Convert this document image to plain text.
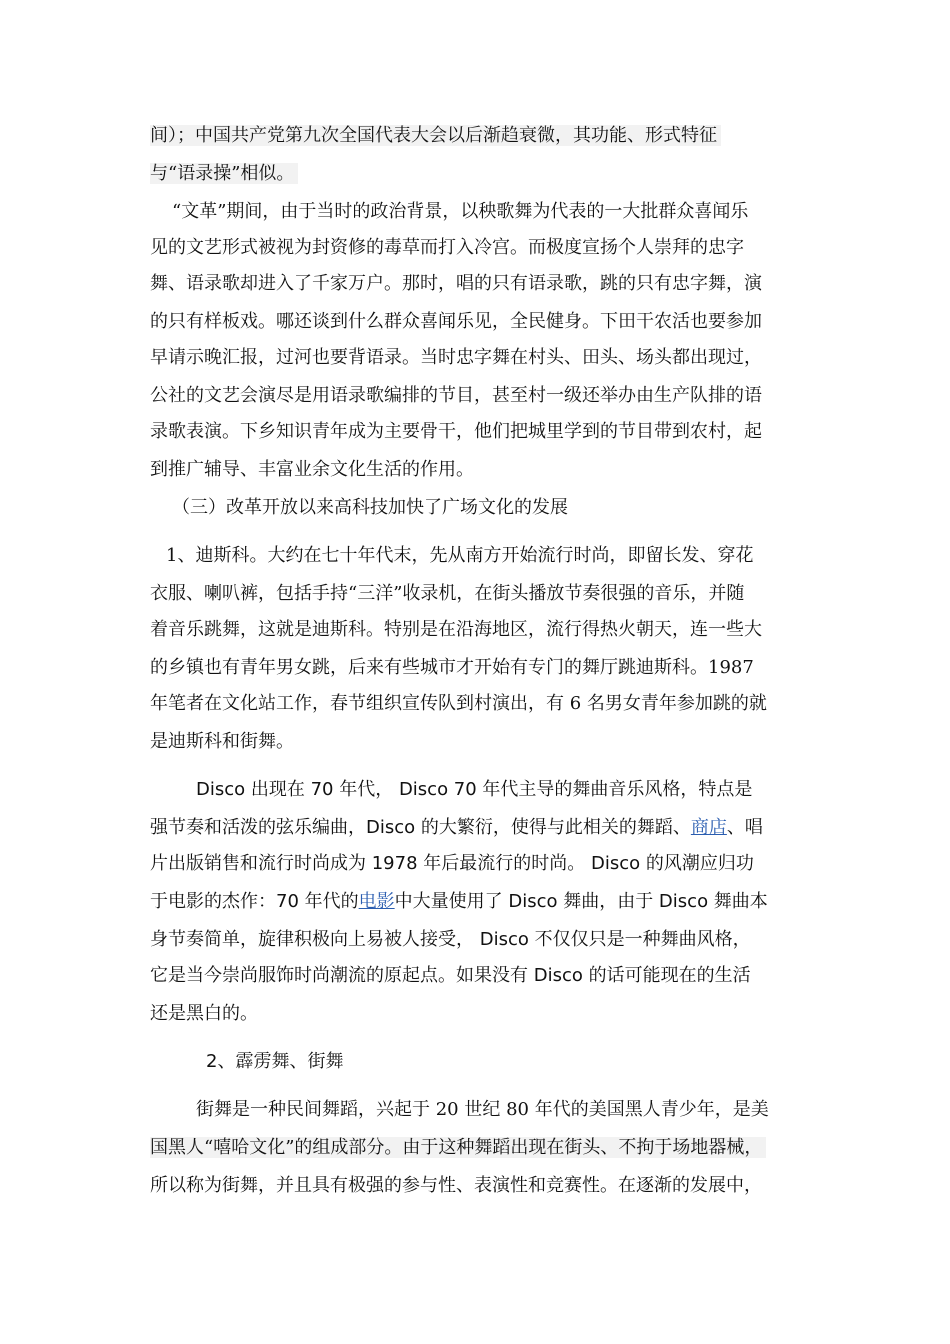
间）；中国共产党第九次全国代表大会以后渐趋衰微，其功能、形式特征
与“语录操”相似。
“文革”期间，由于当时的政治背景，以秧歌舞为代表的一大批群众喜闻乐
见的文艺形式被视为封资修的毒草而打入冷宫。而极度宣扬个人崇拜的忠字
舞、语录歌却进入了千家万户。那时，唱的只有语录歌，跳的只有忠字舞，演
的只有样板戏。哪还谈到什么群众喜闻乐见，全民健身。下田干农活也要参加
早请示晚汇报，过河也要背语录。当时忠字舞在村头、田头、场头都出现过，
公社的文艺会演尽是用语录歌编排的节目，甚至村一级还举办由生产队排的语
录歌表演。下乡知识青年成为主要骨干，他们把城里学到的节目带到农村，起
到推广辅导、丰富业余文化生活的作用。
（三）改革开放以来高科技加快了广场文化的发展
1、迪斯科。大约在七十年代末，先从南方开始流行时尚，即留长发、穿花
衣服、喇叭裤，包括手持“三洋”收录机，在街头播放节奏很强的音乐，并随
着音乐跳舞，这就是迪斯科。特别是在沿海地区，流行得热火朝天，连一些大
的乡镇也有青年男女跳，后来有些城市才开始有专门的舞厅跳迪斯科。1987
年笔者在文化站工作，春节组织宣传队到村演出，有 6 名男女青年参加跳的就
是迪斯科和街舞。
Disco 出现在 70 年代， Disco 70 年代主导的舞曲音乐风格，特点是
强节奏和活泼的弦乐编曲，Disco 的大繁衍，使得与此相关的舞蹈、商店、唱
片出版销售和流行时尚成为 1978 年后最流行的时尚。 Disco 的风潮应归功
于电影的杰作：70 年代的电影中大量使用了 Disco 舞曲，由于 Disco 舞曲本
身节奏简单，旋律积极向上易被人接受， Disco 不仅仅只是一种舞曲风格，
它是当今崇尚服饰时尚潮流的原起点。如果没有 Disco 的话可能现在的生活
还是黑白的。
2、霹雳舞、街舞
街舞是一种民间舞蹈，兴起于 20 世纪 80 年代的美国黑人青少年，是美
国黑人“嘻哈文化”的组成部分。由于这种舞蹈出现在街头、不拘于场地器械，
所以称为街舞，并且具有极强的参与性、表演性和竞赛性。在逐渐的发展中，
